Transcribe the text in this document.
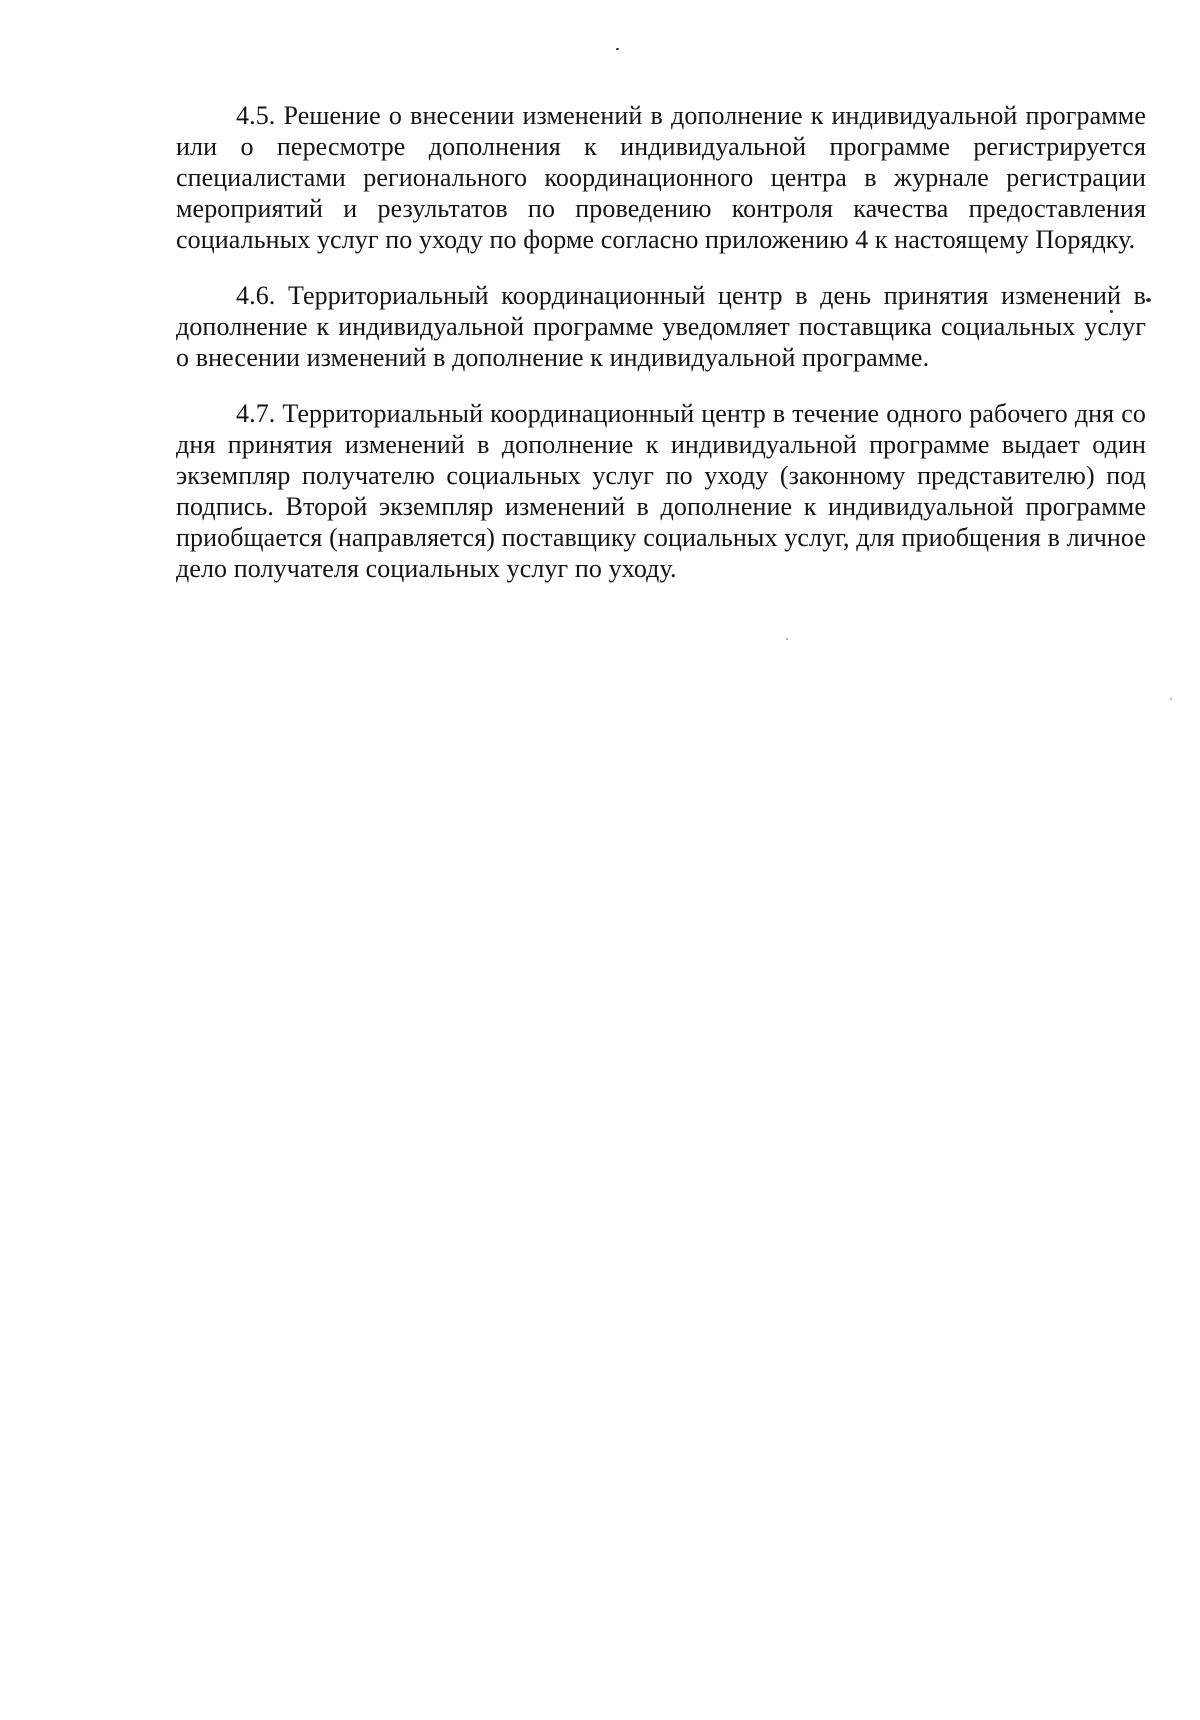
4.5. Решение о внесении изменений в дополнение к индивидуальной программе или о пересмотре дополнения к индивидуальной программе регистрируется специалистами регионального координационного центра в журнале регистрации мероприятий и результатов по проведению контроля качества предоставления социальных услуг по уходу по форме согласно приложению 4 к настоящему Порядку.

4.6. Территориальный координационный центр в день принятия изменений в дополнение к индивидуальной программе уведомляет поставщика социальных услуг о внесении изменений в дополнение к индивидуальной программе.

4.7. Территориальный координационный центр в течение одного рабочего дня со дня принятия изменений в дополнение к индивидуальной программе выдает один экземпляр получателю социальных услуг по уходу (законному представителю) под подпись. Второй экземпляр изменений в дополнение к индивидуальной программе приобщается (направляется) поставщику социальных услуг, для приобщения в личное дело получателя социальных услуг по уходу.
